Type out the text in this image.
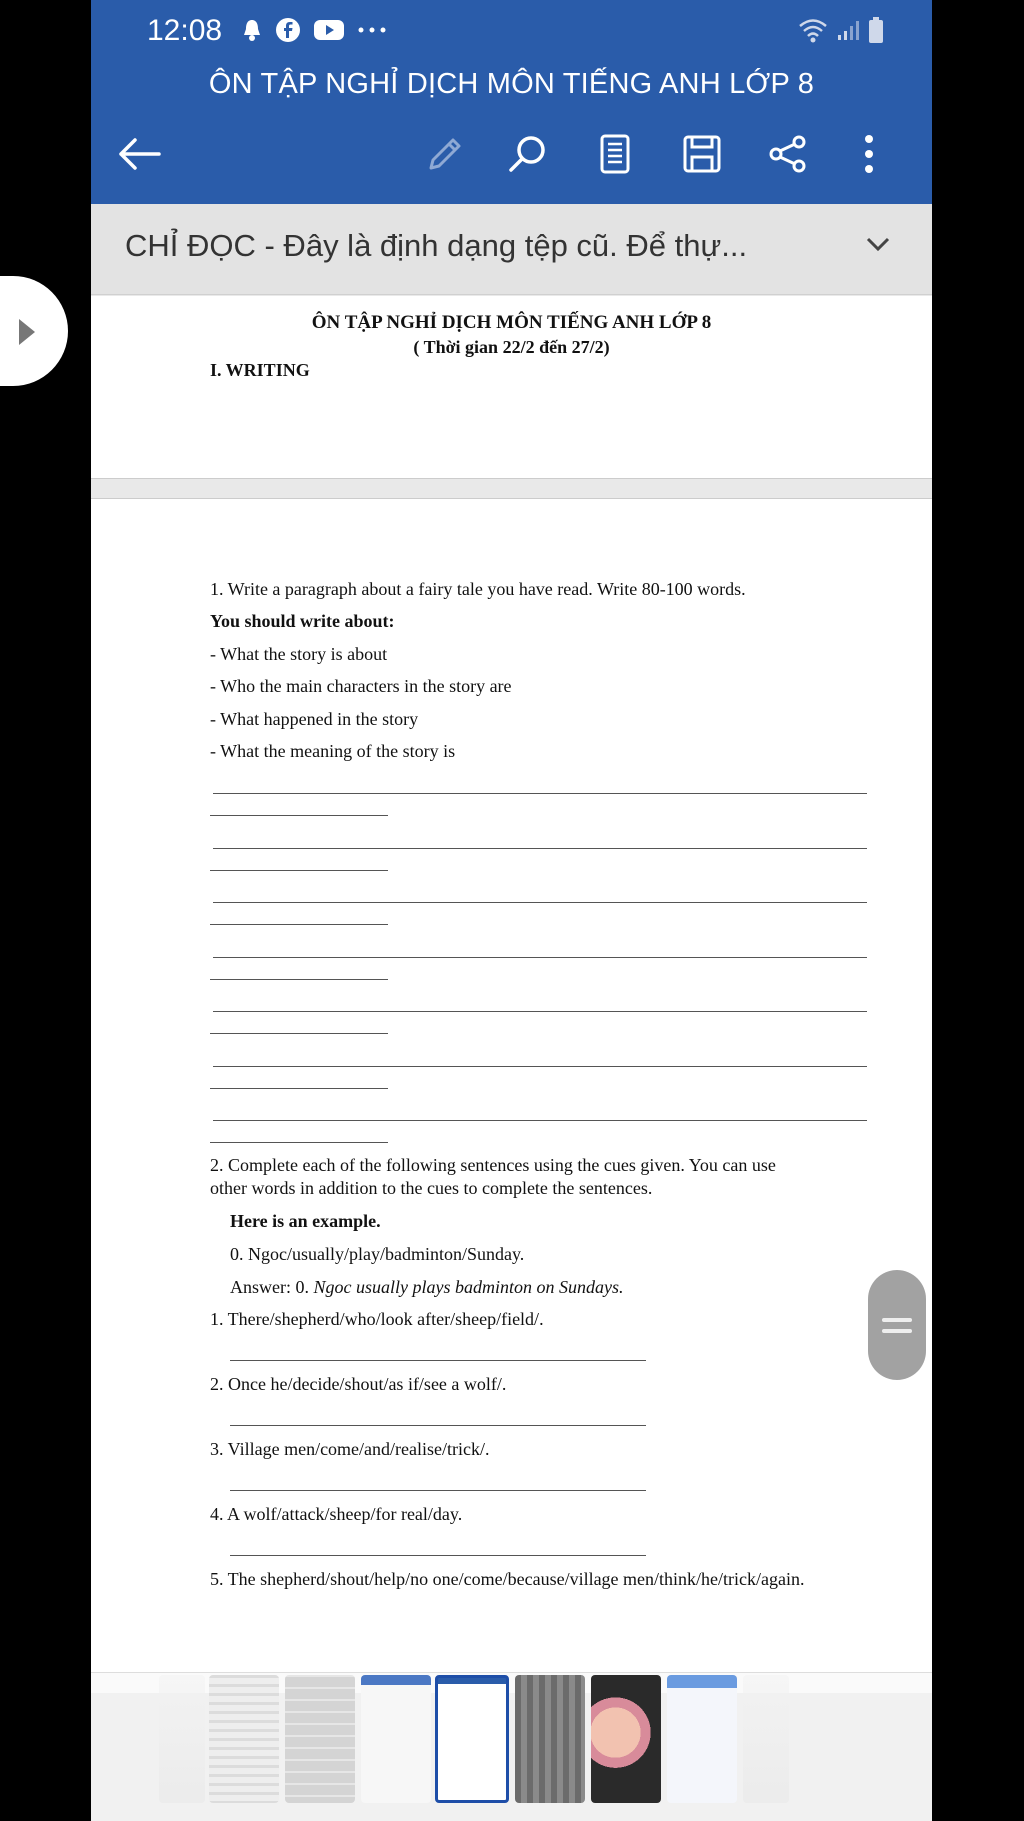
12:08
ÔN TẬP NGHỈ DỊCH MÔN TIẾNG ANH LỚP 8
CHỈ ĐỌC - Đây là định dạng tệp cũ. Để thự...
ÔN TẬP NGHỈ DỊCH MÔN TIẾNG ANH LỚP 8
( Thời gian 22/2 đến 27/2)
I. WRITING
1. Write a paragraph about a fairy tale you have read. Write 80-100 words.
You should write about:
- What the story is about
- Who the main characters in the story are
- What happened in the story
- What the meaning of the story is
2. Complete each of the following sentences using the cues given. You can use
other words in addition to the cues to complete the sentences.
Here is an example.
0. Ngoc/usually/play/badminton/Sunday.
Answer: 0. Ngoc usually plays badminton on Sundays.
1. There/shepherd/who/look after/sheep/field/.
2. Once he/decide/shout/as if/see a wolf/.
3. Village men/come/and/realise/trick/.
4. A wolf/attack/sheep/for real/day.
5. The shepherd/shout/help/no one/come/because/village men/think/he/trick/again.
